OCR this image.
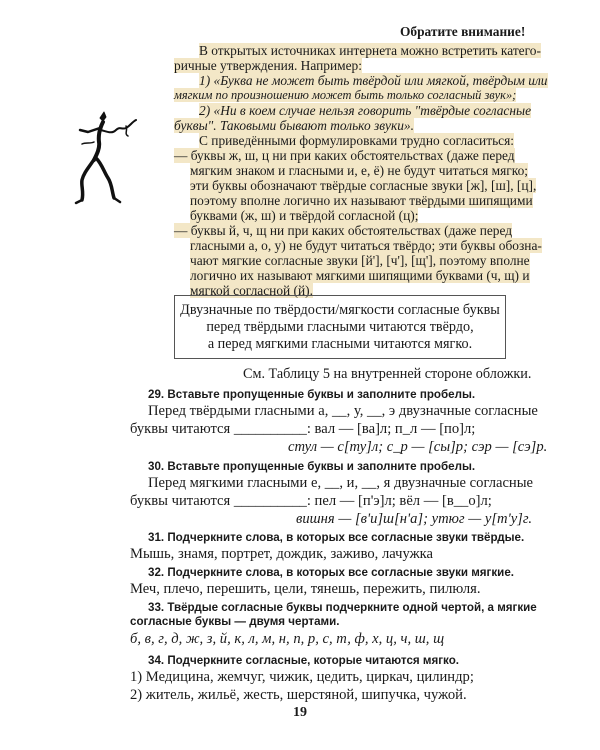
Обратите внимание!
В открытых источниках интернета можно встретить катего-
ричные утверждения. Например:
1) «Буква не может быть твёрдой или мягкой, твёрдым или
мягким по произношению может быть только согласный звук»;
2) «Ни в коем случае нельзя говорить "твёрдые согласные
буквы". Таковыми бывают только звуки».
С приведёнными формулировками трудно согласиться:
— буквы ж, ш, ц ни при каких обстоятельствах (даже перед
мягким знаком и гласными и, е, ё) не будут читаться мягко;
эти буквы обозначают твёрдые согласные звуки [ж], [ш], [ц],
поэтому вполне логично их называют твёрдыми шипящими
буквами (ж, ш) и твёрдой согласной (ц);
— буквы й, ч, щ ни при каких обстоятельствах (даже перед
гласными а, о, у) не будут читаться твёрдо; эти буквы обозна-
чают мягкие согласные звуки [й'], [ч'], [щ'], поэтому вполне
логично их называют мягкими шипящими буквами (ч, щ) и
мягкой согласной (й).
Двузначные по твёрдости/мягкости согласные буквы
перед твёрдыми гласными читаются твёрдо,
а перед мягкими гласными читаются мягко.
См. Таблицу 5 на внутренней стороне обложки.
29. Вставьте пропущенные буквы и заполните пробелы.
Перед твёрдыми гласными а, __, у, __, э двузначные согласные
буквы читаются __________: вал — [ва]л; п_л — [по]л;
стул — с[ту]л; с_р — [сы]р; сэр — [сэ]р.
30. Вставьте пропущенные буквы и заполните пробелы.
Перед мягкими гласными е, __, и, __, я двузначные согласные
буквы читаются __________: пел — [п'э]л; вёл — [в__о]л;
вишня — [в'и]ш[н'а]; утюг — у[т'у]г.
31. Подчеркните слова, в которых все согласные звуки твёрдые.
Мышь, знамя, портрет, дождик, заживо, лачужка
32. Подчеркните слова, в которых все согласные звуки мягкие.
Меч, плечо, перешить, цели, тянешь, пережить, пилюля.
33. Твёрдые согласные буквы подчеркните одной чертой, а мягкие
согласные буквы — двумя чертами.
б, в, г, д, ж, з, й, к, л, м, н, п, р, с, т, ф, х, ц, ч, ш, щ
34. Подчеркните согласные, которые читаются мягко.
1) Медицина, жемчуг, чижик, цедить, циркач, цилиндр;
2) житель, жильё, жесть, шерстяной, шипучка, чужой.
19
